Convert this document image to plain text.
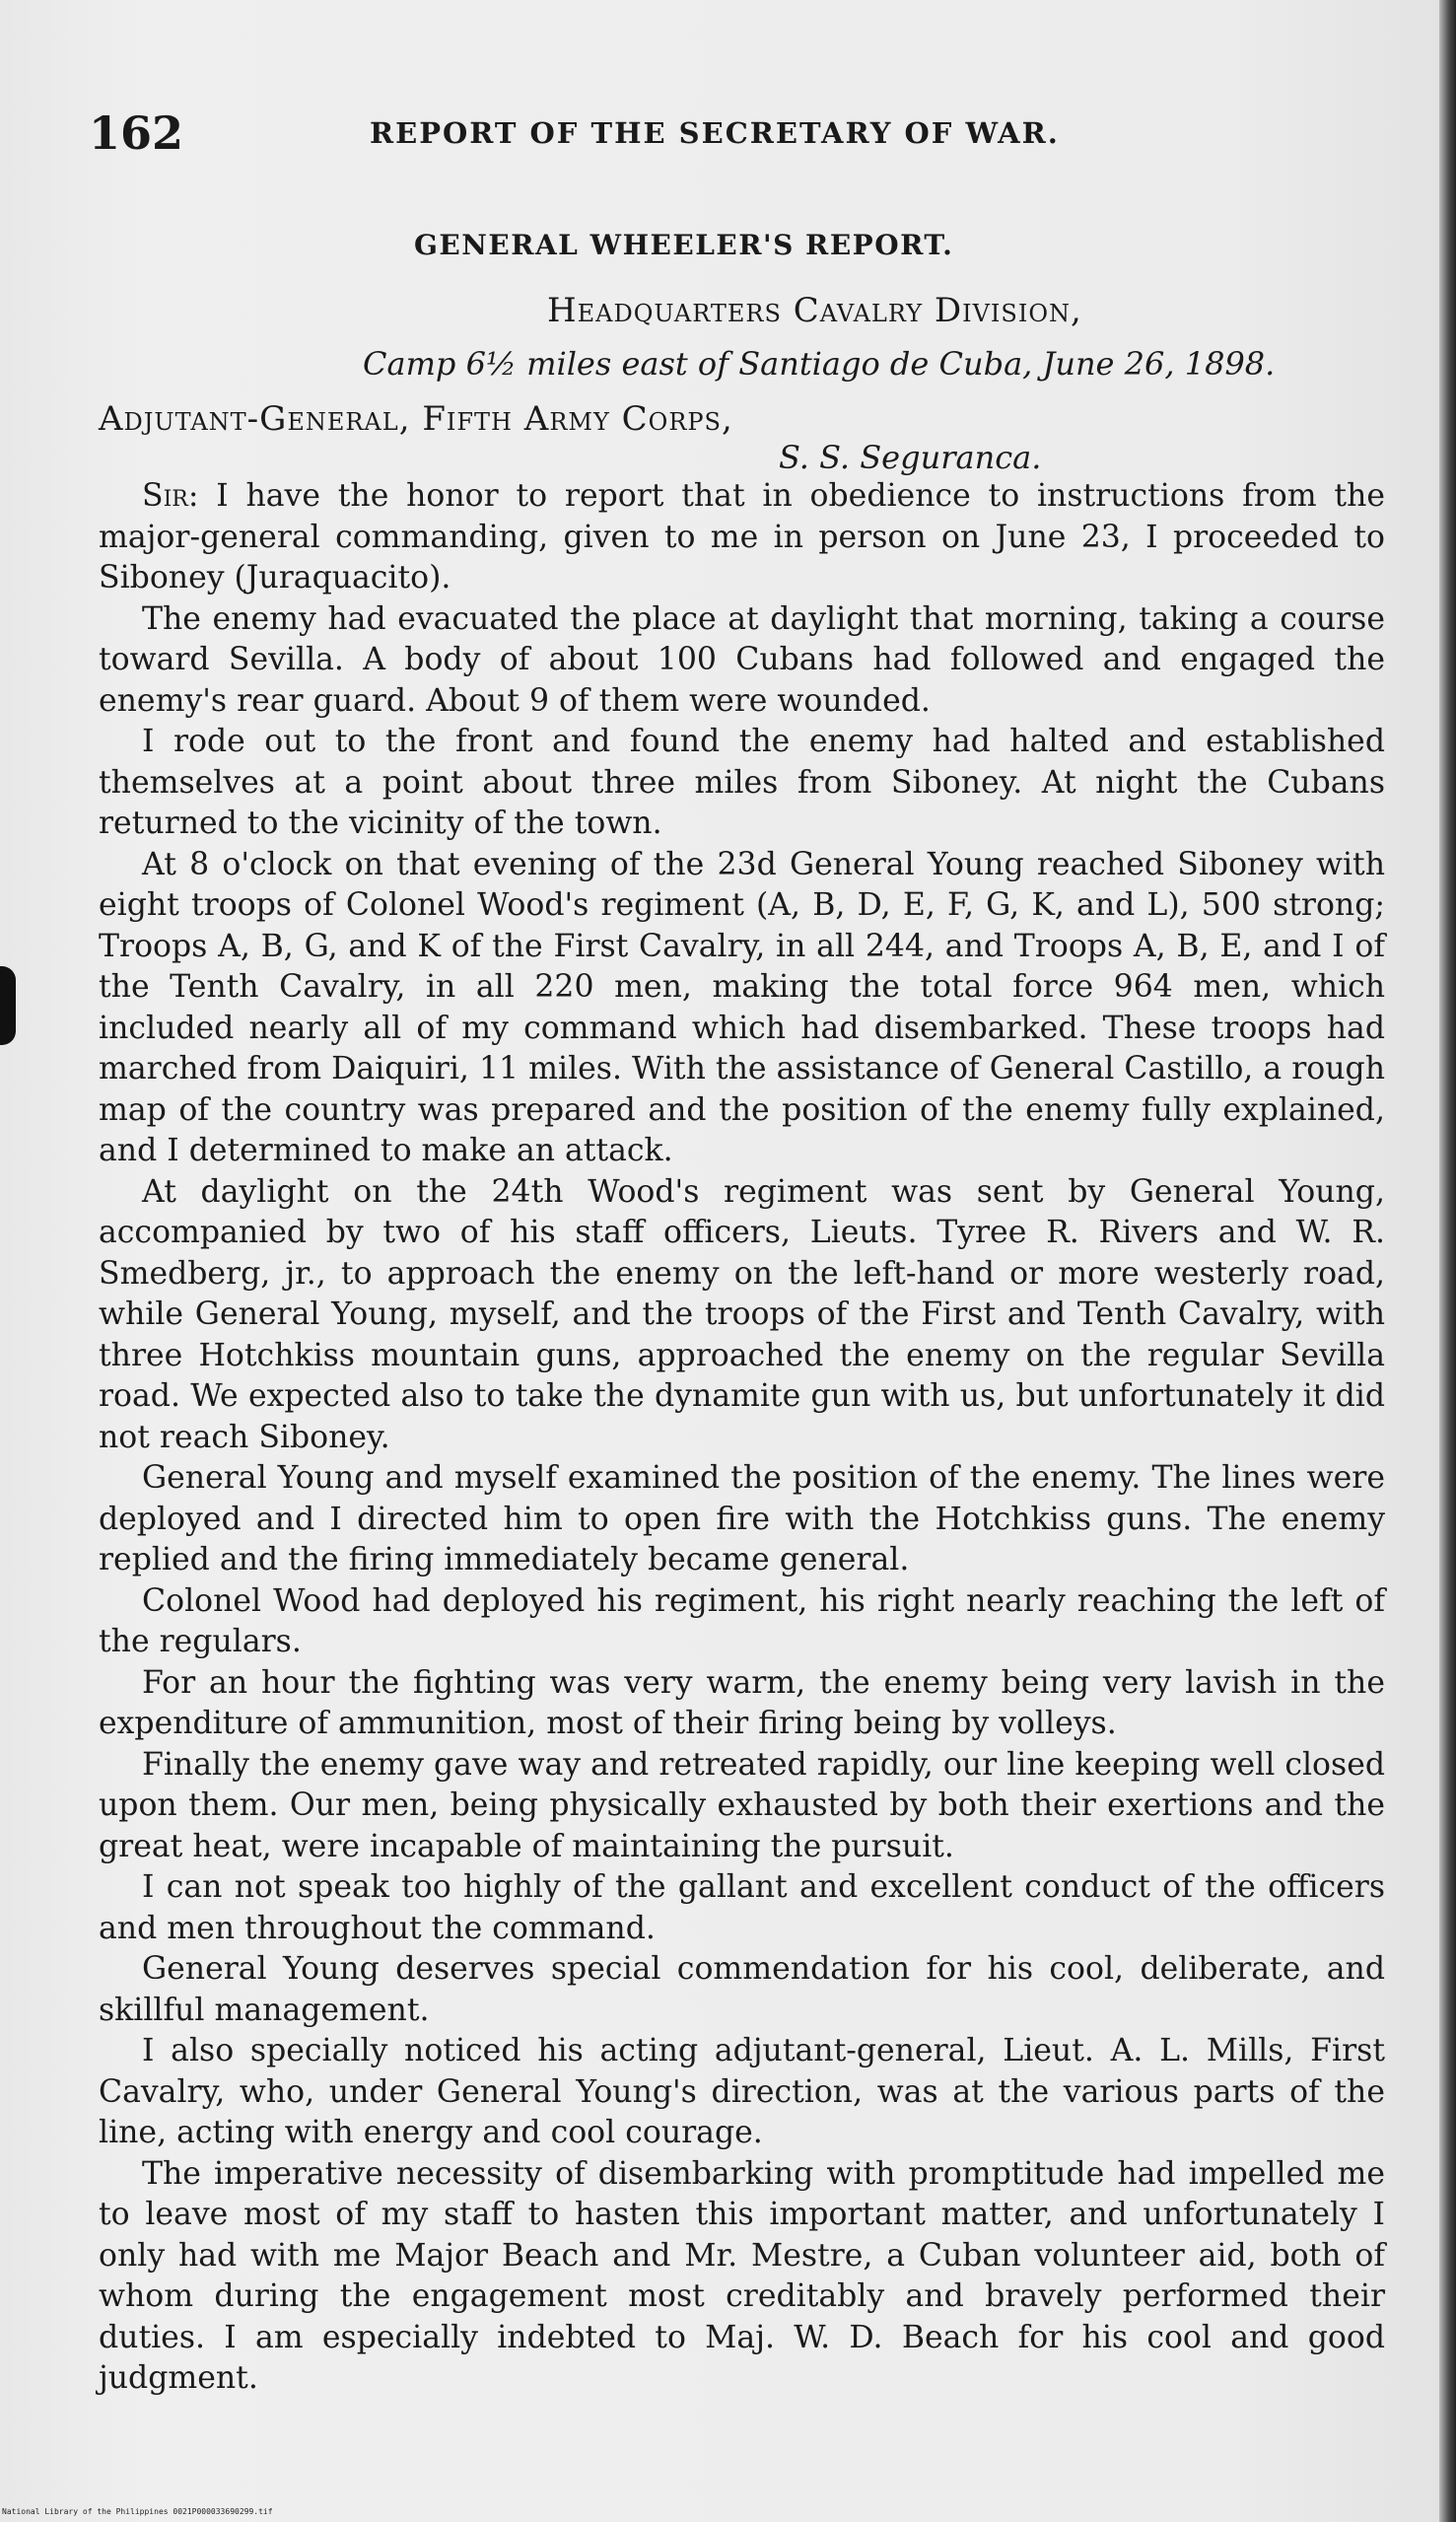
162	REPORT OF THE SECRETARY OF WAR.
GENERAL WHEELER'S REPORT.
Headquarters Cavalry Division,
Camp 6½ miles east of Santiago de Cuba, June 26, 1898.
Adjutant-General, Fifth Army Corps,
S. S. Seguranca.

Sir: I have the honor to report that in obedience to instructions from the major-general commanding, given to me in person on June 23, I proceeded to Siboney (Juraquacito).

The enemy had evacuated the place at daylight that morning, taking a course toward Sevilla. A body of about 100 Cubans had followed and engaged the enemy's rear guard. About 9 of them were wounded.

I rode out to the front and found the enemy had halted and established themselves at a point about three miles from Siboney. At night the Cubans returned to the vicinity of the town.

At 8 o'clock on that evening of the 23d General Young reached Siboney with eight troops of Colonel Wood's regiment (A, B, D, E, F, G, K, and L), 500 strong; Troops A, B, G, and K of the First Cavalry, in all 244, and Troops A, B, E, and I of the Tenth Cavalry, in all 220 men, making the total force 964 men, which included nearly all of my command which had disembarked. These troops had marched from Daiquiri, 11 miles. With the assistance of General Castillo, a rough map of the country was prepared and the position of the enemy fully explained, and I determined to make an attack.

At daylight on the 24th Wood's regiment was sent by General Young, accompanied by two of his staff officers, Lieuts. Tyree R. Rivers and W. R. Smedberg, jr., to approach the enemy on the left-hand or more westerly road, while General Young, myself, and the troops of the First and Tenth Cavalry, with three Hotchkiss mountain guns, approached the enemy on the regular Sevilla road. We expected also to take the dynamite gun with us, but unfortunately it did not reach Siboney.

General Young and myself examined the position of the enemy. The lines were deployed and I directed him to open fire with the Hotchkiss guns. The enemy replied and the firing immediately became general.

Colonel Wood had deployed his regiment, his right nearly reaching the left of the regulars.

For an hour the fighting was very warm, the enemy being very lavish in the expenditure of ammunition, most of their firing being by volleys.

Finally the enemy gave way and retreated rapidly, our line keeping well closed upon them. Our men, being physically exhausted by both their exertions and the great heat, were incapable of maintaining the pursuit.

I can not speak too highly of the gallant and excellent conduct of the officers and men throughout the command.

General Young deserves special commendation for his cool, deliberate, and skillful management.

I also specially noticed his acting adjutant-general, Lieut. A. L. Mills, First Cavalry, who, under General Young's direction, was at the various parts of the line, acting with energy and cool courage.

The imperative necessity of disembarking with promptitude had impelled me to leave most of my staff to hasten this important matter, and unfortunately I only had with me Major Beach and Mr. Mestre, a Cuban volunteer aid, both of whom during the engagement most creditably and bravely performed their duties. I am especially indebted to Maj. W. D. Beach for his cool and good judgment.

National Library of the Philippines 0021P000033690299.tif
